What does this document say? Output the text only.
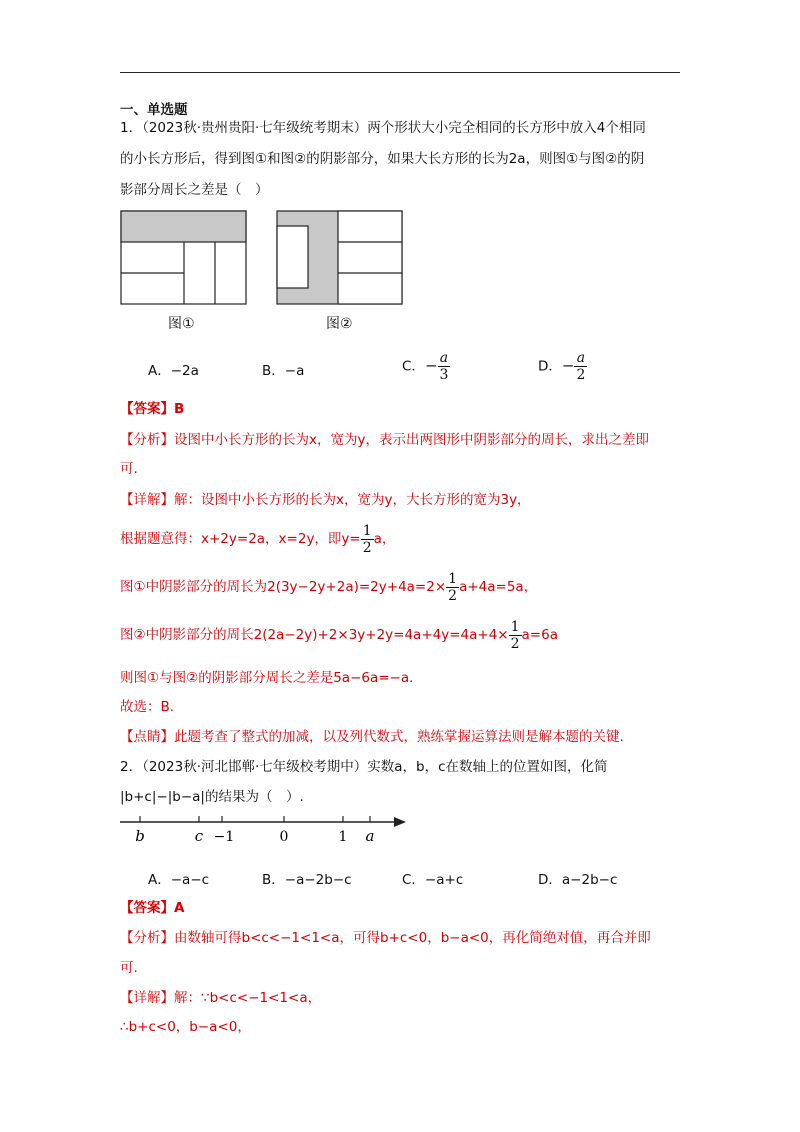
一、单选题
1．（2023秋·贵州贵阳·七年级统考期末）两个形状大小完全相同的长方形中放入4个相同
的小长方形后，得到图①和图②的阴影部分，如果大长方形的长为2a，则图①与图②的阴
影部分周长之差是（　）
图①	图②
A．−2a	B．−a	C．− $\frac{a}{3}$	D．− $\frac{a}{2}$
【答案】B
【分析】设图中小长方形的长为x，宽为y，表示出两图形中阴影部分的周长，求出之差即
可.
【详解】解：设图中小长方形的长为x，宽为y，大长方形的宽为3y，
根据题意得：x+2y=2a，x=2y，即$y= \frac{1}{2}$ a，
图①中阴影部分的周长为$2(3y-2y+2a)=2y+4a=2\times \frac{1}{2} a+4a=5a$，
图②中阴影部分的周长$2(2a-2y)+2\times 3y+2y=4a+4y=4a+4\times \frac{1}{2} a=6a$
则图①与图②的阴影部分周长之差是5a−6a=−a.
故选：B.
【点睛】此题考查了整式的加减，以及列代数式，熟练掌握运算法则是解本题的关键.
2．（2023秋·河北邯郸·七年级校考期中）实数a，b，c在数轴上的位置如图，化简
|b+c|−|b−a|的结果为（　）.
b	c −1	0	1 a
A．−a−c	B．−a−2b−c	C．−a+c	D．a−2b−c
【答案】A
【分析】由数轴可得b<c<−1<1<a，可得b+c<0，b−a<0，再化简绝对值，再合并即
可.
【详解】解：∵b<c<−1<1<a，
∴b+c<0，b−a<0，
